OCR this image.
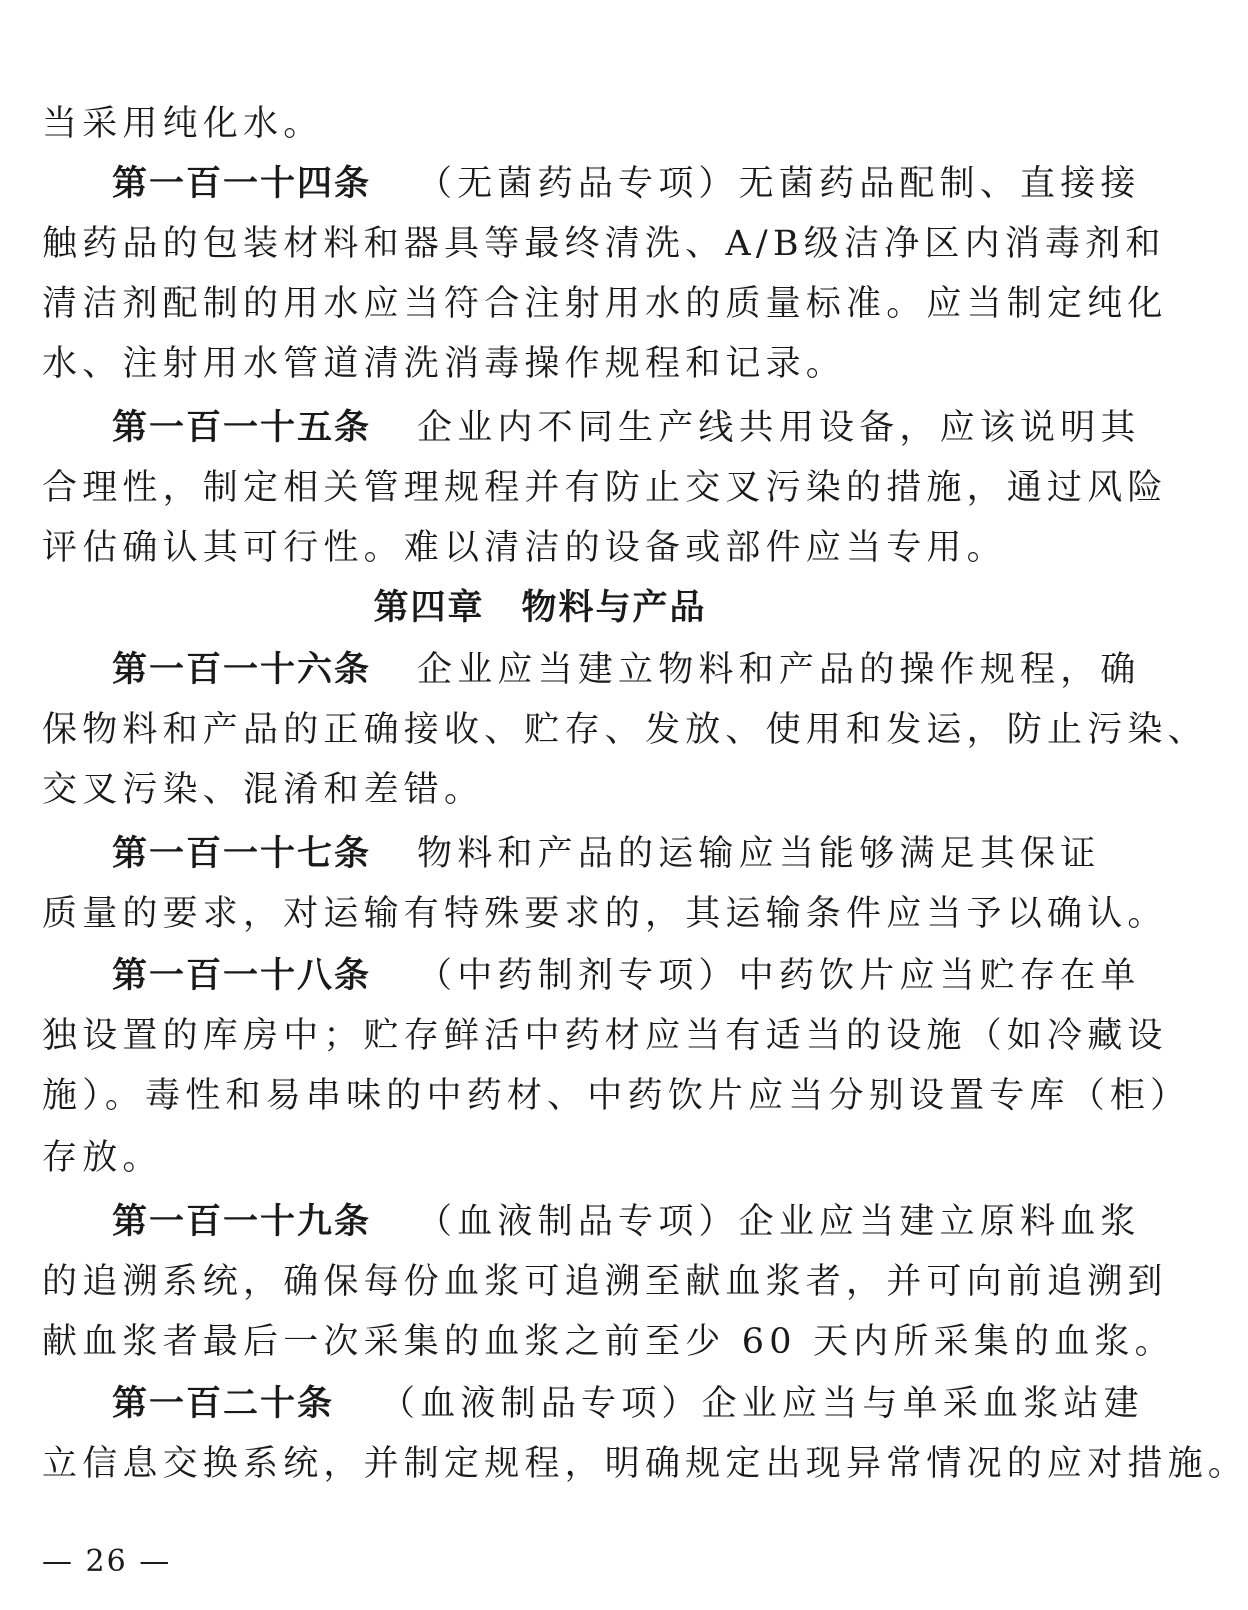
当采用纯化水。
第一百一十四条 （无菌药品专项）无菌药品配制、直接接
触药品的包装材料和器具等最终清洗、A/B级洁净区内消毒剂和
清洁剂配制的用水应当符合注射用水的质量标准。应当制定纯化
水、注射用水管道清洗消毒操作规程和记录。
第一百一十五条 企业内不同生产线共用设备，应该说明其
合理性，制定相关管理规程并有防止交叉污染的措施，通过风险
评估确认其可行性。难以清洁的设备或部件应当专用。
第四章　物料与产品
第一百一十六条 企业应当建立物料和产品的操作规程，确
保物料和产品的正确接收、贮存、发放、使用和发运，防止污染、
交叉污染、混淆和差错。
第一百一十七条 物料和产品的运输应当能够满足其保证
质量的要求，对运输有特殊要求的，其运输条件应当予以确认。
第一百一十八条 （中药制剂专项）中药饮片应当贮存在单
独设置的库房中；贮存鲜活中药材应当有适当的设施（如冷藏设
施）。毒性和易串味的中药材、中药饮片应当分别设置专库（柜）
存放。
第一百一十九条 （血液制品专项）企业应当建立原料血浆
的追溯系统，确保每份血浆可追溯至献血浆者，并可向前追溯到
献血浆者最后一次采集的血浆之前至少 60 天内所采集的血浆。
第一百二十条 （血液制品专项）企业应当与单采血浆站建
立信息交换系统，并制定规程，明确规定出现异常情况的应对措施。
— 26 —
